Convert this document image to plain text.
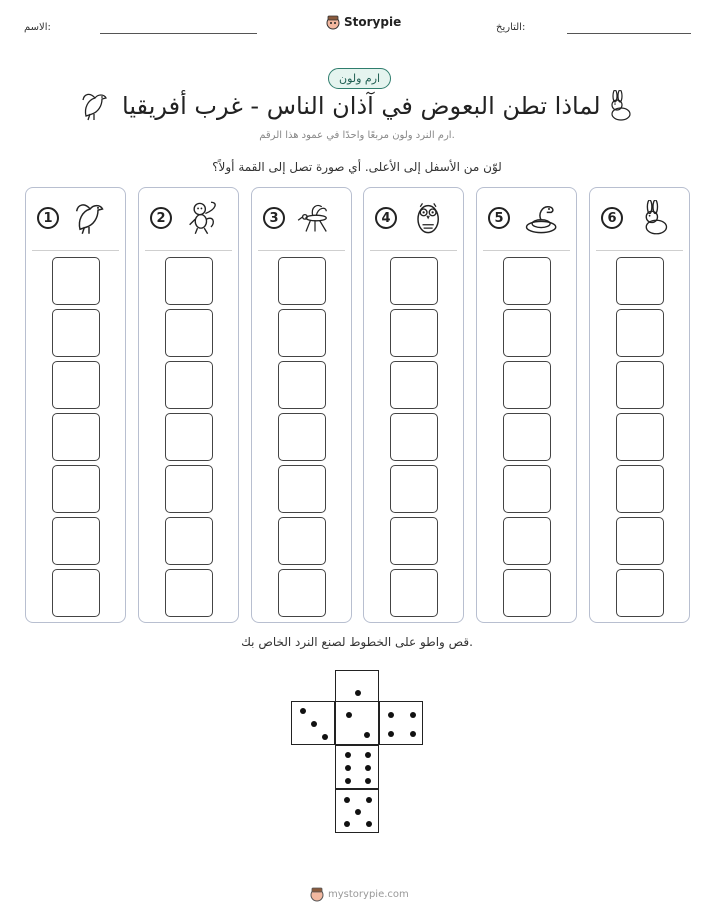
الاسم:	Storypie	التاريخ:
ارم ولون
لماذا تطن البعوض في آذان الناس - غرب أفريقيا
ارم النرد ولون مربعًا واحدًا في عمود هذا الرقم.
لوّن من الأسفل إلى الأعلى. أي صورة تصل إلى القمة أولاً؟
1	2	3	4	5	6
قص واطو على الخطوط لصنع النرد الخاص بك.
mystorypie.com
